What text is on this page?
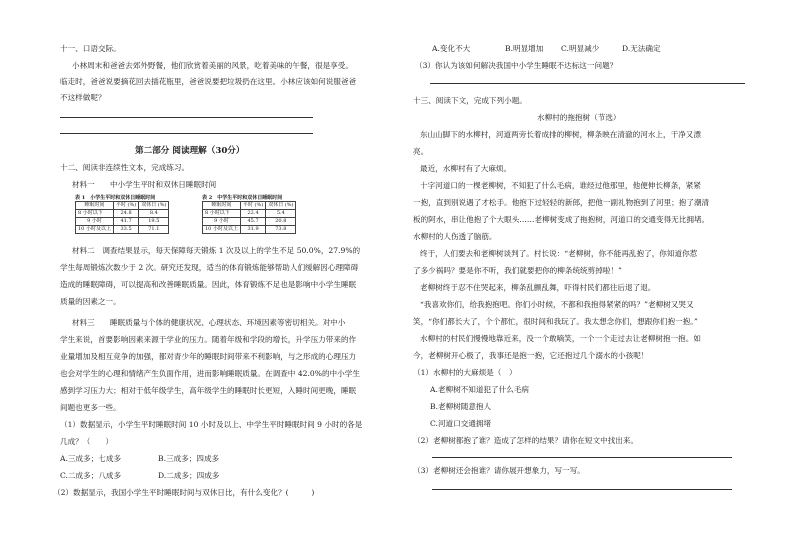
十一、口语交际。
小林周末和爸爸去郊外野餐，他们欣赏着美丽的风景，吃着美味的午餐，很是享受。
临走时，爸爸说要摘花回去插花瓶里，爸爸说要把垃圾扔在这里。小林应该如何说服爸爸
不这样做呢？
第二部分 阅读理解（30分）
十二、阅读非连续性文本，完成练习。
材料一　　中小学生平时和双休日睡眠时间
表 1　小学生平时和双休日睡眠时间
睡眠时间	平时 (%)	双休日 (%)
8 小时以下	24.8	8.4
9 小时	41.7	19.5
10 小时及以上	33.5	71.1
表 2　中学生平时和双休日睡眠时间
睡眠时间	平时 (%)	双休日 (%)
8 小时以下	22.4	5.4
9 小时	45.7	20.8
10 小时及以上	31.9	73.8
材料二　调查结果显示，每天保障每天锻炼 1 次及以上的学生不足 50.0%，27.9%的
学生每周锻炼次数少于 2 次。研究还发现，适当的体育锻炼能够帮助人们缓解因心理障碍
造成的睡眠障碍，可以提高和改善睡眠质量。因此，体育锻炼不足也是影响中小学生睡眠
质量的因素之一。
材料三　　睡眠质量与个体的健康状况、心理状态、环境因素等密切相关。对中小
学生来说，首要影响因素来源于学业的压力。随着年级和学段的增长，升学压力带来的作
业量增加及相互竞争的加强，都对青少年的睡眠时间带来不利影响，与之形成的心理压力
也会对学生的心理和情绪产生负面作用，进而影响睡眠质量。在调查中 42.0%的中小学生
感到学习压力大；相对于低年级学生，高年级学生的睡眠时长更短，入睡时间更晚，睡眠
间题也更多一些。
（1）数据显示，小学生平时睡眠时间 10 小时及以上、中学生平时睡眠时间 9 小时的各是
几成？（　　）
A.三成多；七成多	B.三成多；四成多
C.二成多；八成多	D.二成多；四成多
（2）数据显示，我国小学生平时睡眠时间与双休日比，有什么变化？(　　　)
A.变化不大	B.明显增加 C.明显减少	D.无法确定
（3）你认为该如何解决我国中小学生睡眠不达标这一问题？
十三、阅读下文，完成下列小题。
水柳村的拖抱树（节选）
东山山脚下的水柳村，河道两旁长着成排的柳树，柳条映在清澈的河水上，干净又漂
亮。
最近，水柳村有了大麻烦。
十字河道口的一棵老柳树，不知犯了什么毛病，谁经过他那里，他便伸长柳条，紧紧
一抱，直到别说遇了才松手。他抱下过轻轻的新郎，把他一副礼物抱到了河里；抱了潮清
板的阿水，串让他抱了个大眼头……老柳树变成了拖抱树，河道口的交通变得无比拥堵。
水柳村的人伤透了脑筋。
终于，人们要去和老柳树谈判了。村长说：“老柳树，你不能再乱抱了，你知道你惹
了多少祸吗？要是你不听，我们就要把你的柳条统统剪掉啦！”
老柳树终于忍不住哭起来，柳条乱颤乱舞，吓得村民们都往后退了退。
“我喜欢你们，给我抱抱吧。你们小时候，不都和我抱得紧紧的吗？”老柳树又哭又
笑，“你们都长大了，个个都忙，很时间和我玩了。我太想念你们，想跟你们抱一抱。”
水柳村的村民们慢慢地靠近来，没一个敢嘀笑，一个一个走过去让老柳树抱一抱。如
今，老柳树开心极了，我事还是抱一抱，它还抱过几个溺水的小孩呢！
（1）水柳村的大麻烦是（　）
A.老柳树不知道犯了什么毛病
B.老柳树随意抱人
C.河道口交通拥堵
（2）老柳树都抱了谁？造成了怎样的结果？请你在短文中找出来。
（3）老柳树还会抱谁？请你展开想象力，写一写。
